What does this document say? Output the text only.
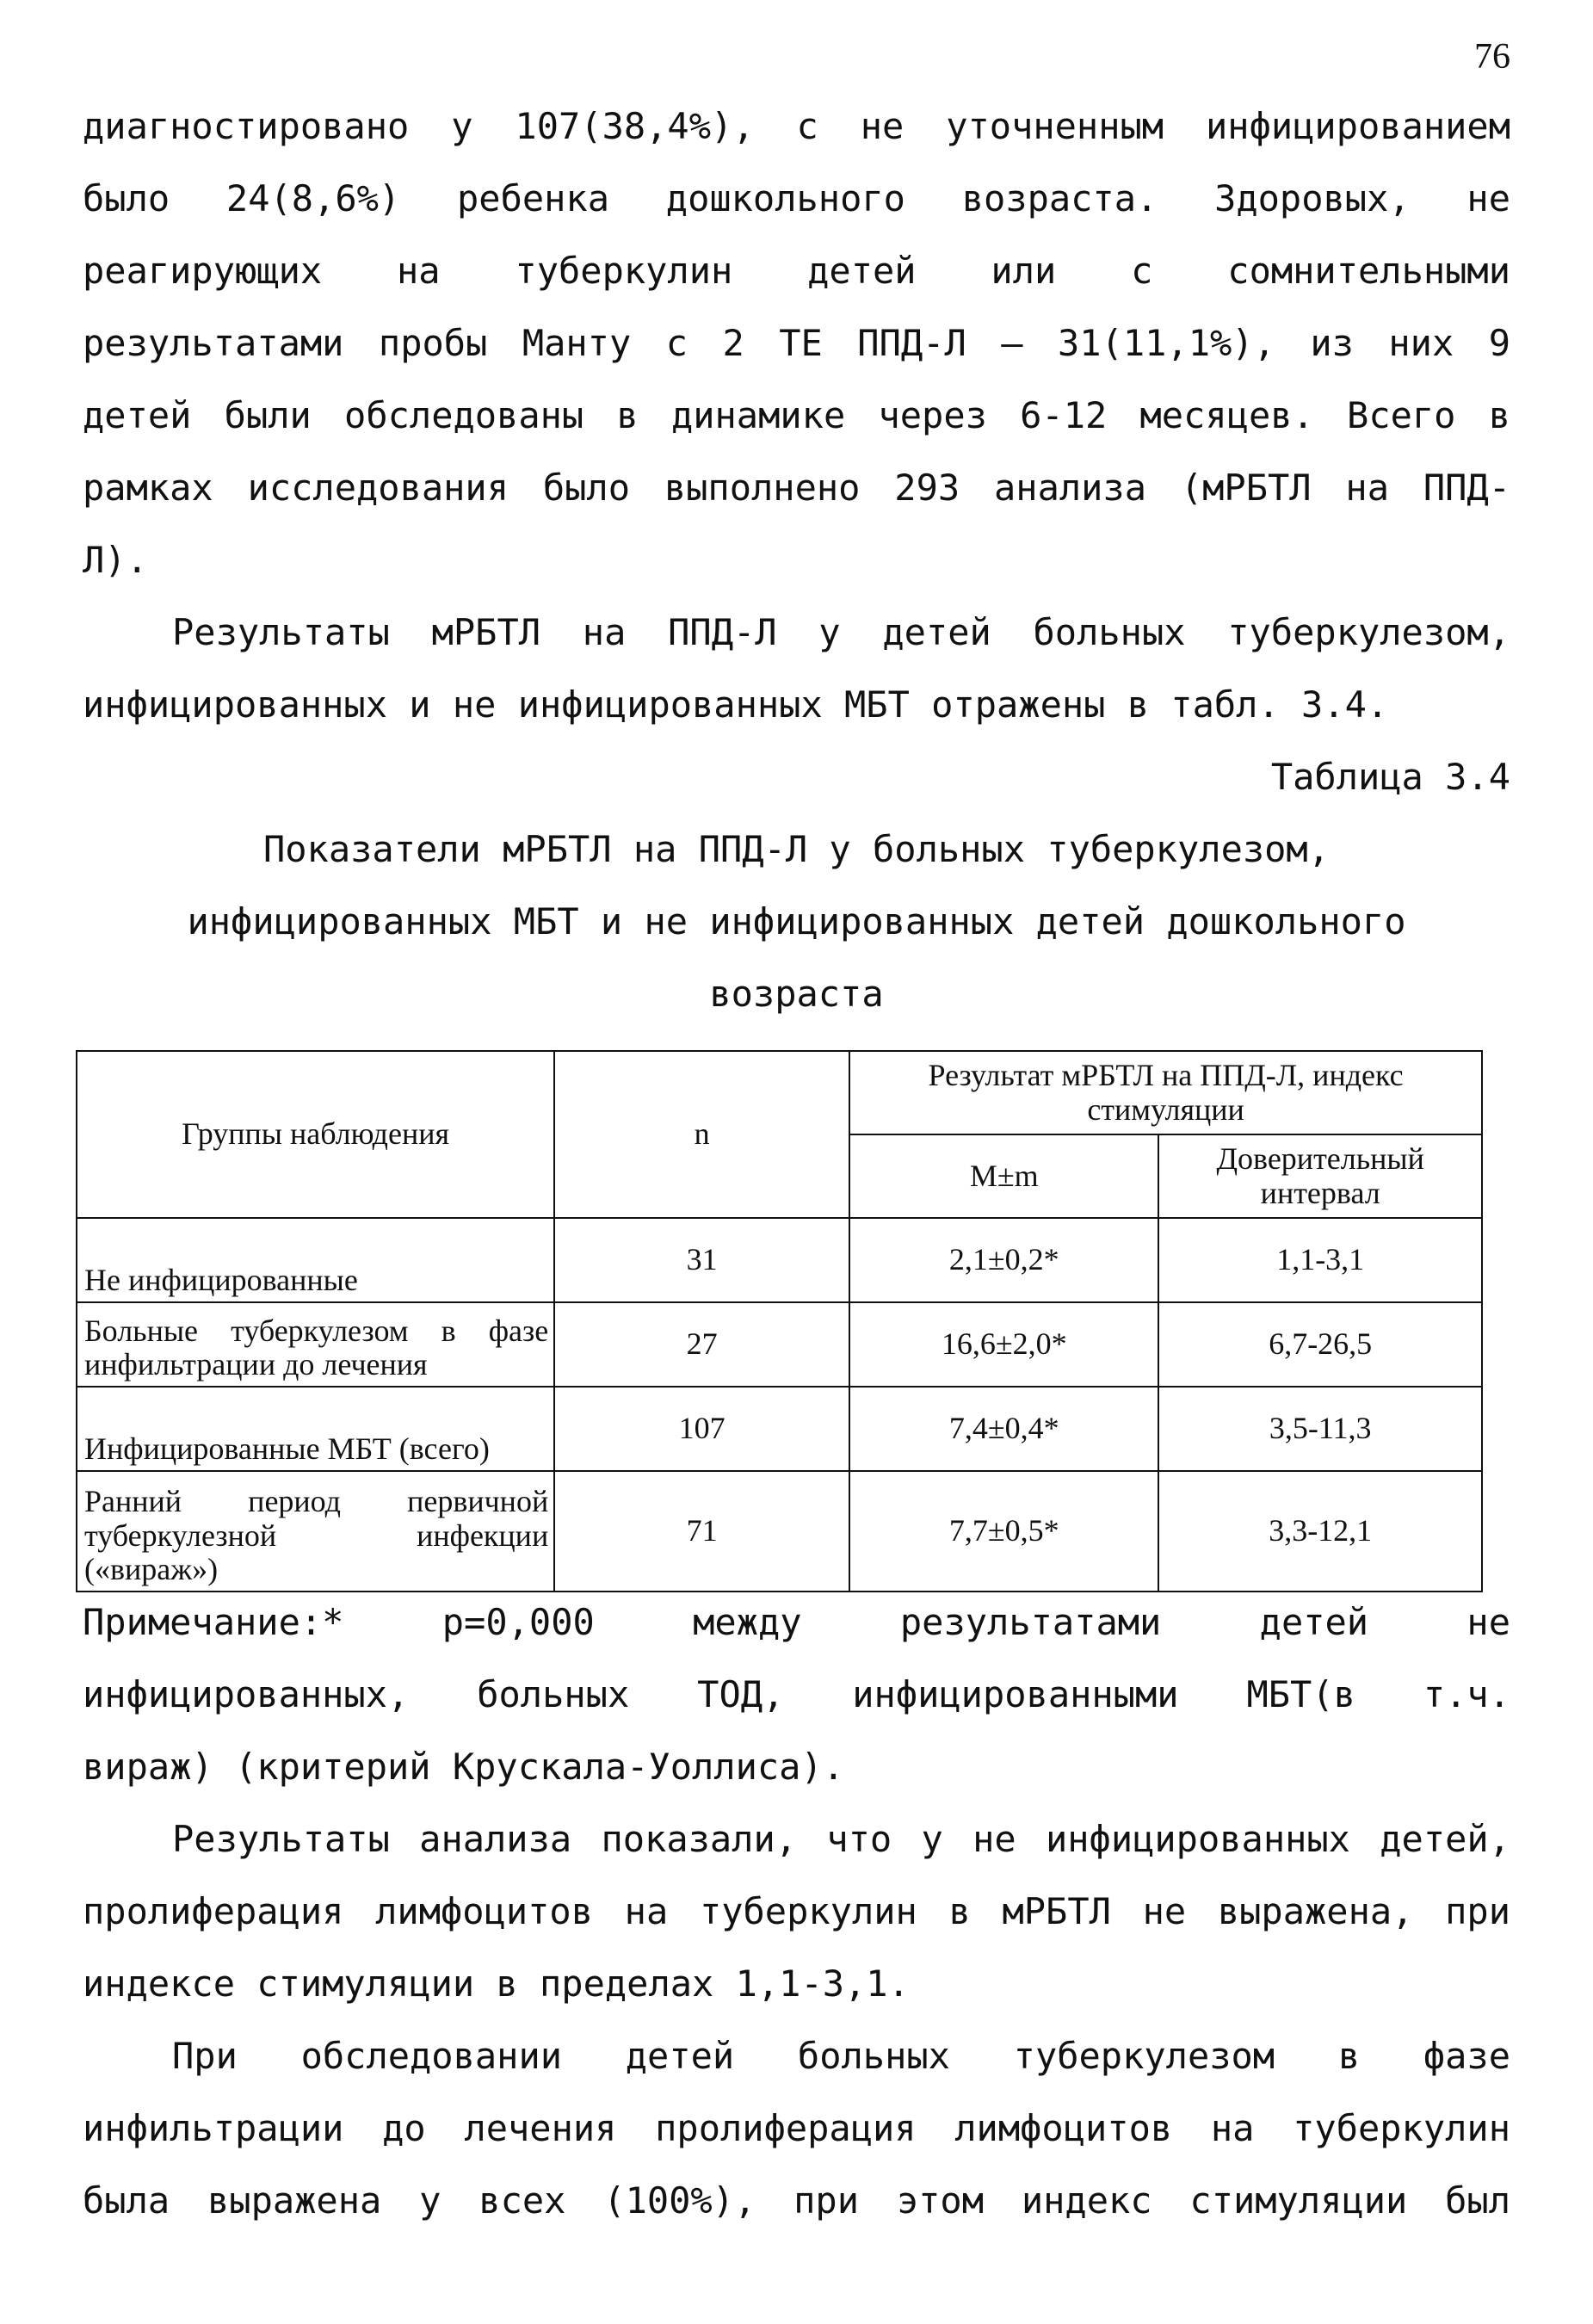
76
диагностировано у 107(38,4%), с не уточненным инфицированием
было 24(8,6%) ребенка дошкольного возраста. Здоровых, не
реагирующих на туберкулин детей или с сомнительными
результатами пробы Манту с 2 ТЕ ППД-Л – 31(11,1%), из них 9
детей были обследованы в динамике через 6-12 месяцев. Всего в
рамках исследования было выполнено 293 анализа (мРБТЛ на ППД-
Л).
Результаты мРБТЛ на ППД-Л у детей больных туберкулезом,
инфицированных и не инфицированных МБТ отражены в табл. 3.4.
Таблица 3.4
Показатели мРБТЛ на ППД-Л у больных туберкулезом,
инфицированных МБТ и не инфицированных детей дошкольного
возраста
Группы наблюдения	n	Результат мРБТЛ на ППД-Л, индекс стимуляции	
		M±m	Доверительный интервал
Не инфицированные	31	2,1±0,2*	1,1-3,1
Больные туберкулезом в фазе инфильтрации до лечения	27	16,6±2,0*	6,7-26,5
Инфицированные МБТ (всего)	107	7,4±0,4*	3,5-11,3
Ранний период первичной туберкулезной инфекции («вираж»)	71	7,7±0,5*	3,3-12,1
Примечание:* p=0,000 между результатами детей не
инфицированных, больных ТОД, инфицированными МБТ(в т.ч.
вираж) (критерий Крускала-Уоллиса).
Результаты анализа показали, что у не инфицированных детей,
пролиферация лимфоцитов на туберкулин в мРБТЛ не выражена, при
индексе стимуляции в пределах 1,1-3,1.
При обследовании детей больных туберкулезом в фазе
инфильтрации до лечения пролиферация лимфоцитов на туберкулин
была выражена у всех (100%), при этом индекс стимуляции был
